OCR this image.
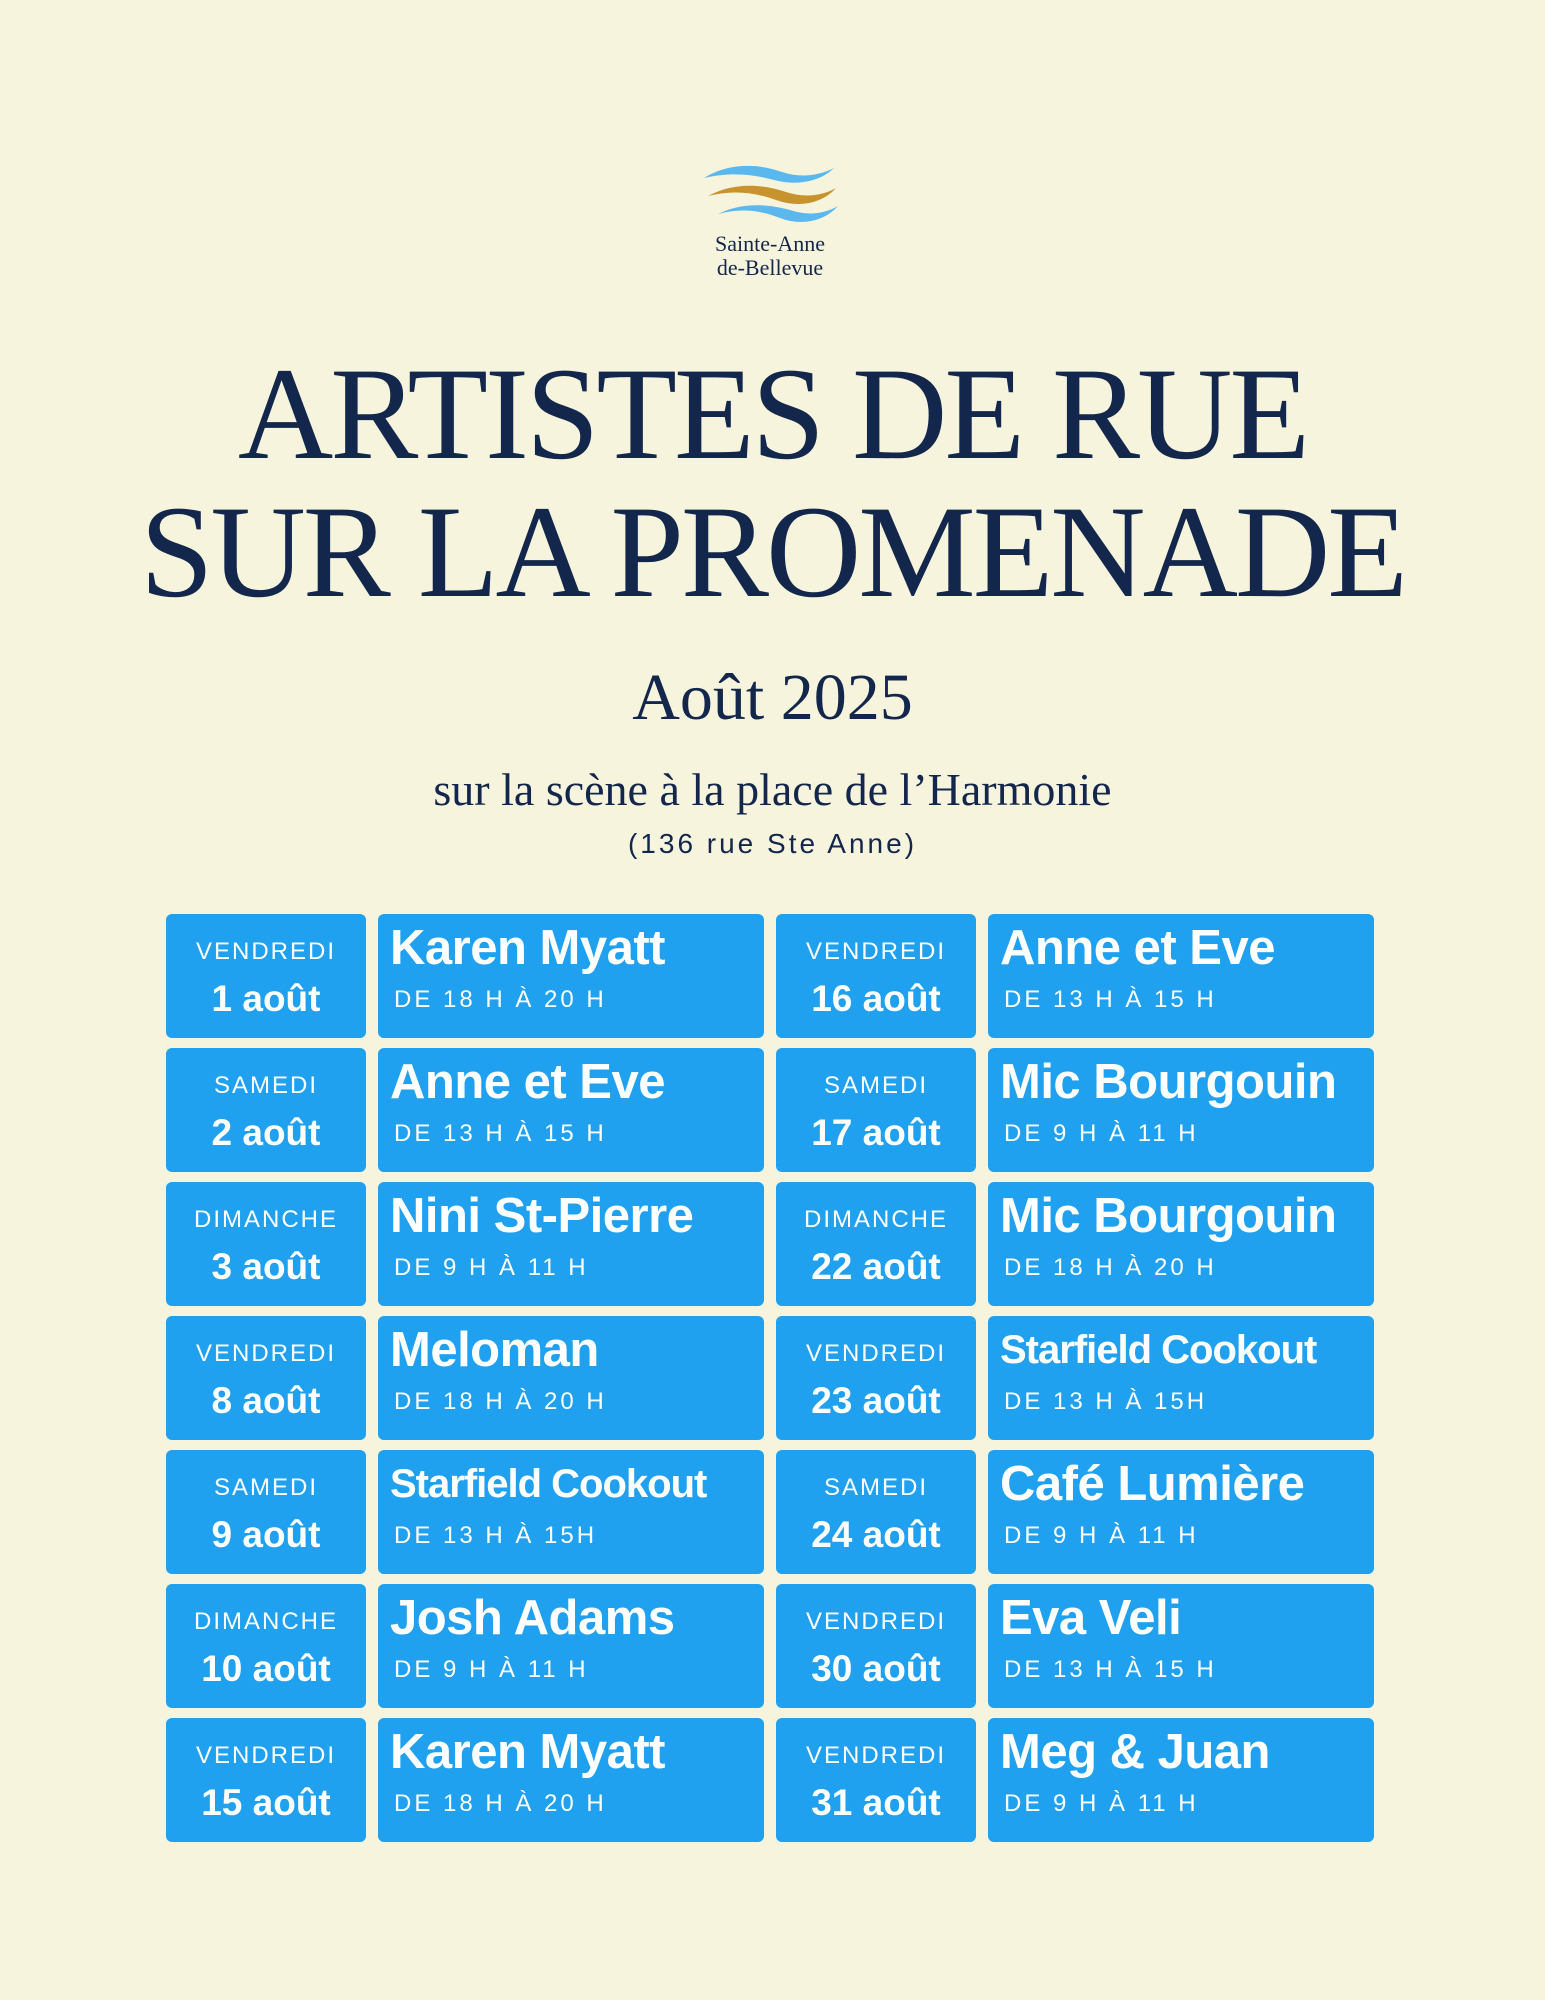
Sainte-Anne
de-Bellevue
ARTISTES DE RUE
SUR LA PROMENADE
Août 2025
sur la scène à la place de l’Harmonie
(136 rue Ste Anne)
VENDREDI
1 août
Karen Myatt
DE 18 H À 20 H
SAMEDI
2 août
Anne et Eve
DE 13 H À 15 H
DIMANCHE
3 août
Nini St-Pierre
DE 9 H À 11 H
VENDREDI
8 août
Meloman
DE 18 H À 20 H
SAMEDI
9 août
Starfield Cookout
DE 13 H À 15H
DIMANCHE
10 août
Josh Adams
DE 9 H À 11 H
VENDREDI
15 août
Karen Myatt
DE 18 H À 20 H
VENDREDI
16 août
Anne et Eve
DE 13 H À 15 H
SAMEDI
17 août
Mic Bourgouin
DE 9 H À 11 H
DIMANCHE
22 août
Mic Bourgouin
DE 18 H À 20 H
VENDREDI
23 août
Starfield Cookout
DE 13 H À 15H
SAMEDI
24 août
Café Lumière
DE 9 H À 11 H
VENDREDI
30 août
Eva Veli
DE 13 H À 15 H
VENDREDI
31 août
Meg & Juan
DE 9 H À 11 H
